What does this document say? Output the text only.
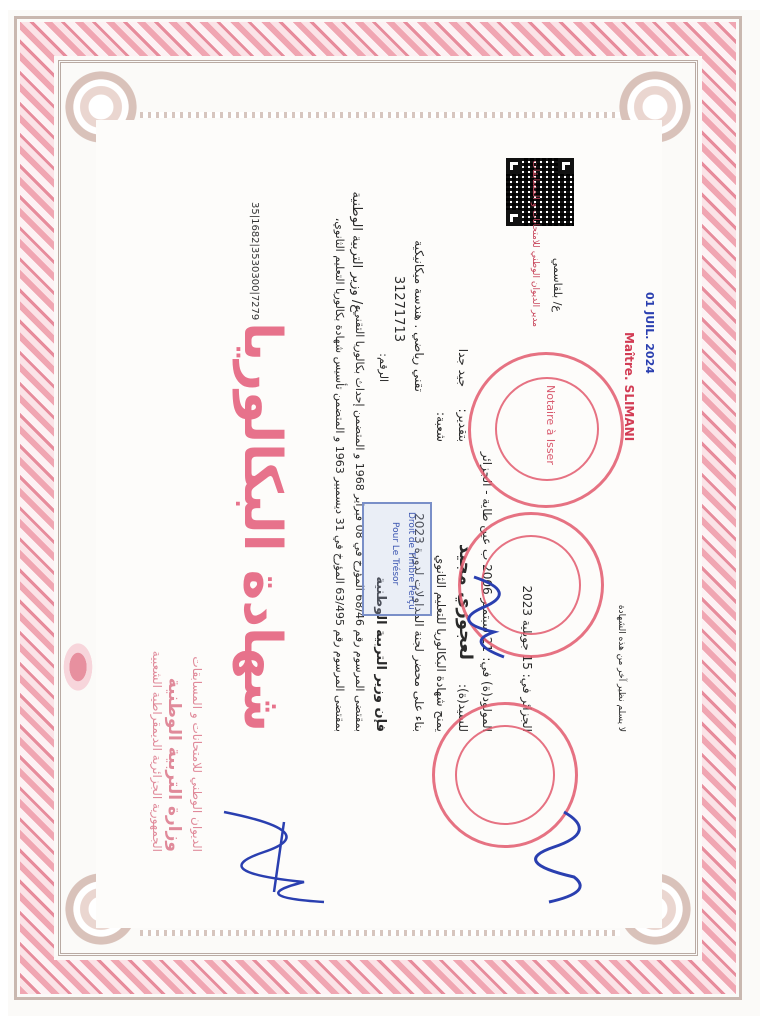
الجمهورية الجزائرية الديمقراطية الشعبية وزارة التربية الوطنية الديوان الوطني للامتحانات و المسابقات
شهادة البكالوريا
35|1682|3530300|7279	بمقتضى المرسوم رقم 63/495 المؤرخ في 31 ديسمبير 1963 و المتضمن تأسيس شهادة بكالوريا التعليم الثانوي،
بمقتضى المرسوم رقم 68/46 المؤرخ في 08 فبراير 1968 و المتضمن إحداث بكالوريا التقني، فإن وزير التربية الوطنية
بناء على محضر لجنة المداولات لدورة 2023 يمنح شهادة البكالوريا للتعليم الثانوي للسيد(ة):
لعجوزي مجيد
المولود(ة) في:
21 سبتمبر 2006 ب عين طاية - الجزائر
شعبة:
تقني رياضي . هندسة ميكانيكية
بتقدير:
جيد جدا
الرقم:
31271713
الجزائر في: 15 جويلية 2023
ع/ وزير التربية الوطنية	ع/ بلقاسمي
مدير الديوان الوطني للامتحانات و المسابقات
لا يسلم نظير آخر من هذه الشهادة
Notaire à Isser	Maître. SLIMANI 01 JUIL. 2024
Droit de Timbre Perçu
Pour Le Trésor
